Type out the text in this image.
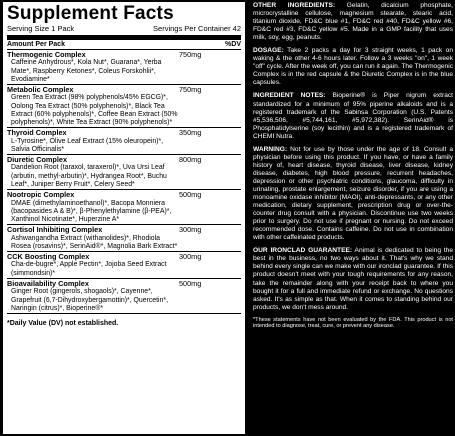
Supplement Facts
Serving Size 1 Pack	Servings Per Container 42
Amount Per Pack	%DV
Thermogenic Complex	750mg
Caffeine Anhydrous*, Kola Nut*, Guarana*, Yerba Mate*, Raspberry Ketones*, Coleus Forskohlii*, Evodiamine*
Metabolic Complex	750mg
Green Tea Extract (98% polyphenols/45% EGCG)*, Oolong Tea Extract (50% polyphenols)*, Black Tea Extract (60% polyphenols)*, Coffee Bean Extract (50% polyphenols)*, White Tea Extract (90% polyphenols)*
Thyroid Complex	350mg
L-Tyrosine*, Olive Leaf Extract (15% oleuropein)*, Salvia Officinalis*
Diuretic Complex	800mg
Dandelion Root (taraxol, taraxerol)*, Uva Ursi Leaf (arbutin, methyl-arbutin)*, Hydrangea Root*, Buchu Leaf*, Juniper Berry Fruit*, Celery Seed*
Nootropic Complex	500mg
DMAE (dimethylaminoethanol)*, Bacopa Monniera (bacopasides A & B)*, β-Phenylethylamine (β-PEA)*, Xanthinol Nicotinate*, Huperzine A*
Cortisol Inhibiting Complex	300mg
Ashwangandha Extract (withanolides)*, Rhodiola Rosea (rosavins)*, SerinAid®*, Magnolia Bark Extract*
CCK Boosting Complex	300mg
Cha-de-bugre*, Apple Pectin*, Jojoba Seed Extract (simmondsin)*
Bioavailability Complex	500mg
Ginger Root (gingerols, shogaols)*, Cayenne*, Grapefruit (6,7-Dihydroxybergamottin)*, Quercetin*, Naringin (citrus)*, Bioperine®*
*Daily Value (DV) not established.

OTHER INGREDIENTS: Gelatin, dicalcium phosphate, microcrystalline cellulose, magnesium stearate, stearic acid, titanium dioxide, FD&C blue #1, FD&C red #40, FD&C yellow #6, FD&C red #3, FD&C yellow #5. Made in a GMP facility that uses milk, soy, egg, peanuts.

DOSAGE: Take 2 packs a day for 3 straight weeks, 1 pack on waking & the other 4-6 hours later. Follow a 3 weeks "on", 1 week "off" cycle. After the week off, you can run it again. The Thermogenic Complex is in the red capsule & the Diuretic Complex is in the blue capsules.

INGREDIENT NOTES: Bioperine® is Piper nigrum extract standardized for a minimum of 95% piperine alkaloids and is a registered trademark of the Sabinsa Corporation (U.S. Patents #5,536,506, #5,744,161, #5,972,382). SerinAid® is Phosphatidylserine (soy lecithin) and is a registered trademark of CHEMI Nutra.

WARNING: Not for use by those under the age of 18. Consult a physician before using this product. If you have, or have a family history of, heart disease, thyroid disease, liver disease, kidney disease, diabetes, high blood pressure, recurrent headaches, depression or other psychiatric conditions, glaucoma, difficulty in urinating, prostate enlargement, seizure disorder, if you are using a monoamine oxidase inhibitor (MAOI), anti-depressants, or any other medication, dietary supplement, prescription drug or over-the-counter drug consult with a physician. Discontinue use two weeks prior to surgery. Do not use if pregnant or nursing. Do not exceed recommended dose. Contains caffeine. Do not use in combination with other caffeinated products.

OUR IRONCLAD GUARANTEE: Animal is dedicated to being the best in the business, no two ways about it. That's why we stand behind every single can we make with our ironclad guarantee. If this product doesn't meet with your tough requirements for any reason, take the remainder along with your receipt back to where you bought it for a full and immediate refund or exchange. No questions asked. It's as simple as that. When it comes to standing behind our products, we don't mess around.

*These statements have not been evaluated by the FDA. This product is not intended to diagnose, treat, cure, or prevent any disease.
